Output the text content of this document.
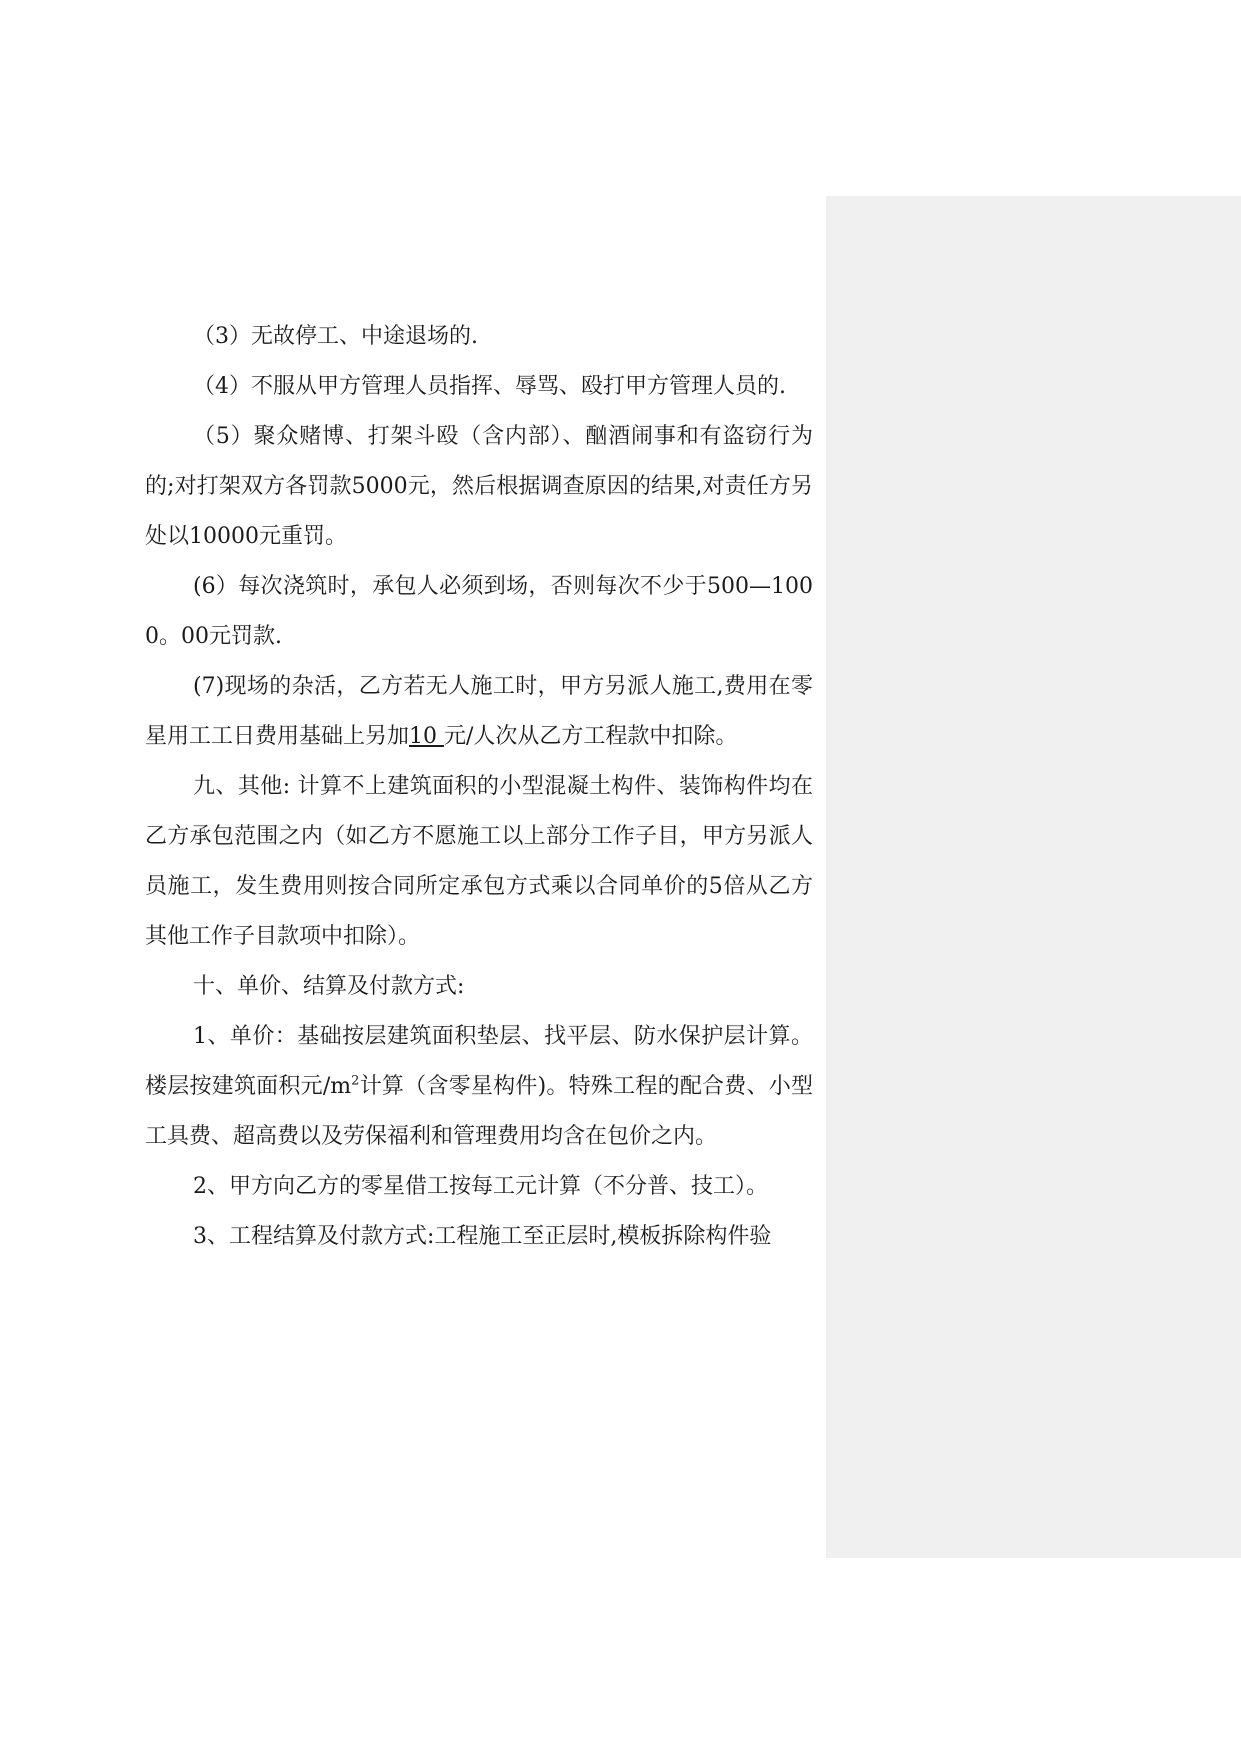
（3）无故停工、中途退场的.

（4）不服从甲方管理人员指挥、辱骂、殴打甲方管理人员的.

（5）聚众赌博、打架斗殴（含内部）、酗酒闹事和有盗窃行为的;对打架双方各罚款5000元，然后根据调查原因的结果,对责任方另处以10000元重罚。

(6）每次浇筑时，承包人必须到场，否则每次不少于500—1000。00元罚款.

(7)现场的杂活，乙方若无人施工时，甲方另派人施工,费用在零星用工工日费用基础上另加10 元/人次从乙方工程款中扣除。

九、其他: 计算不上建筑面积的小型混凝土构件、装饰构件均在乙方承包范围之内（如乙方不愿施工以上部分工作子目，甲方另派人员施工，发生费用则按合同所定承包方式乘以合同单价的5倍从乙方其他工作子目款项中扣除）。

十、单价、结算及付款方式:

1、单价：基础按层建筑面积垫层、找平层、防水保护层计算。楼层按建筑面积元$/m^2$计算（含零星构件)。特殊工程的配合费、小型工具费、超高费以及劳保福利和管理费用均含在包价之内。

2、甲方向乙方的零星借工按每工元计算（不分普、技工）。

3、工程结算及付款方式:工程施工至正层时,模板拆除构件验
